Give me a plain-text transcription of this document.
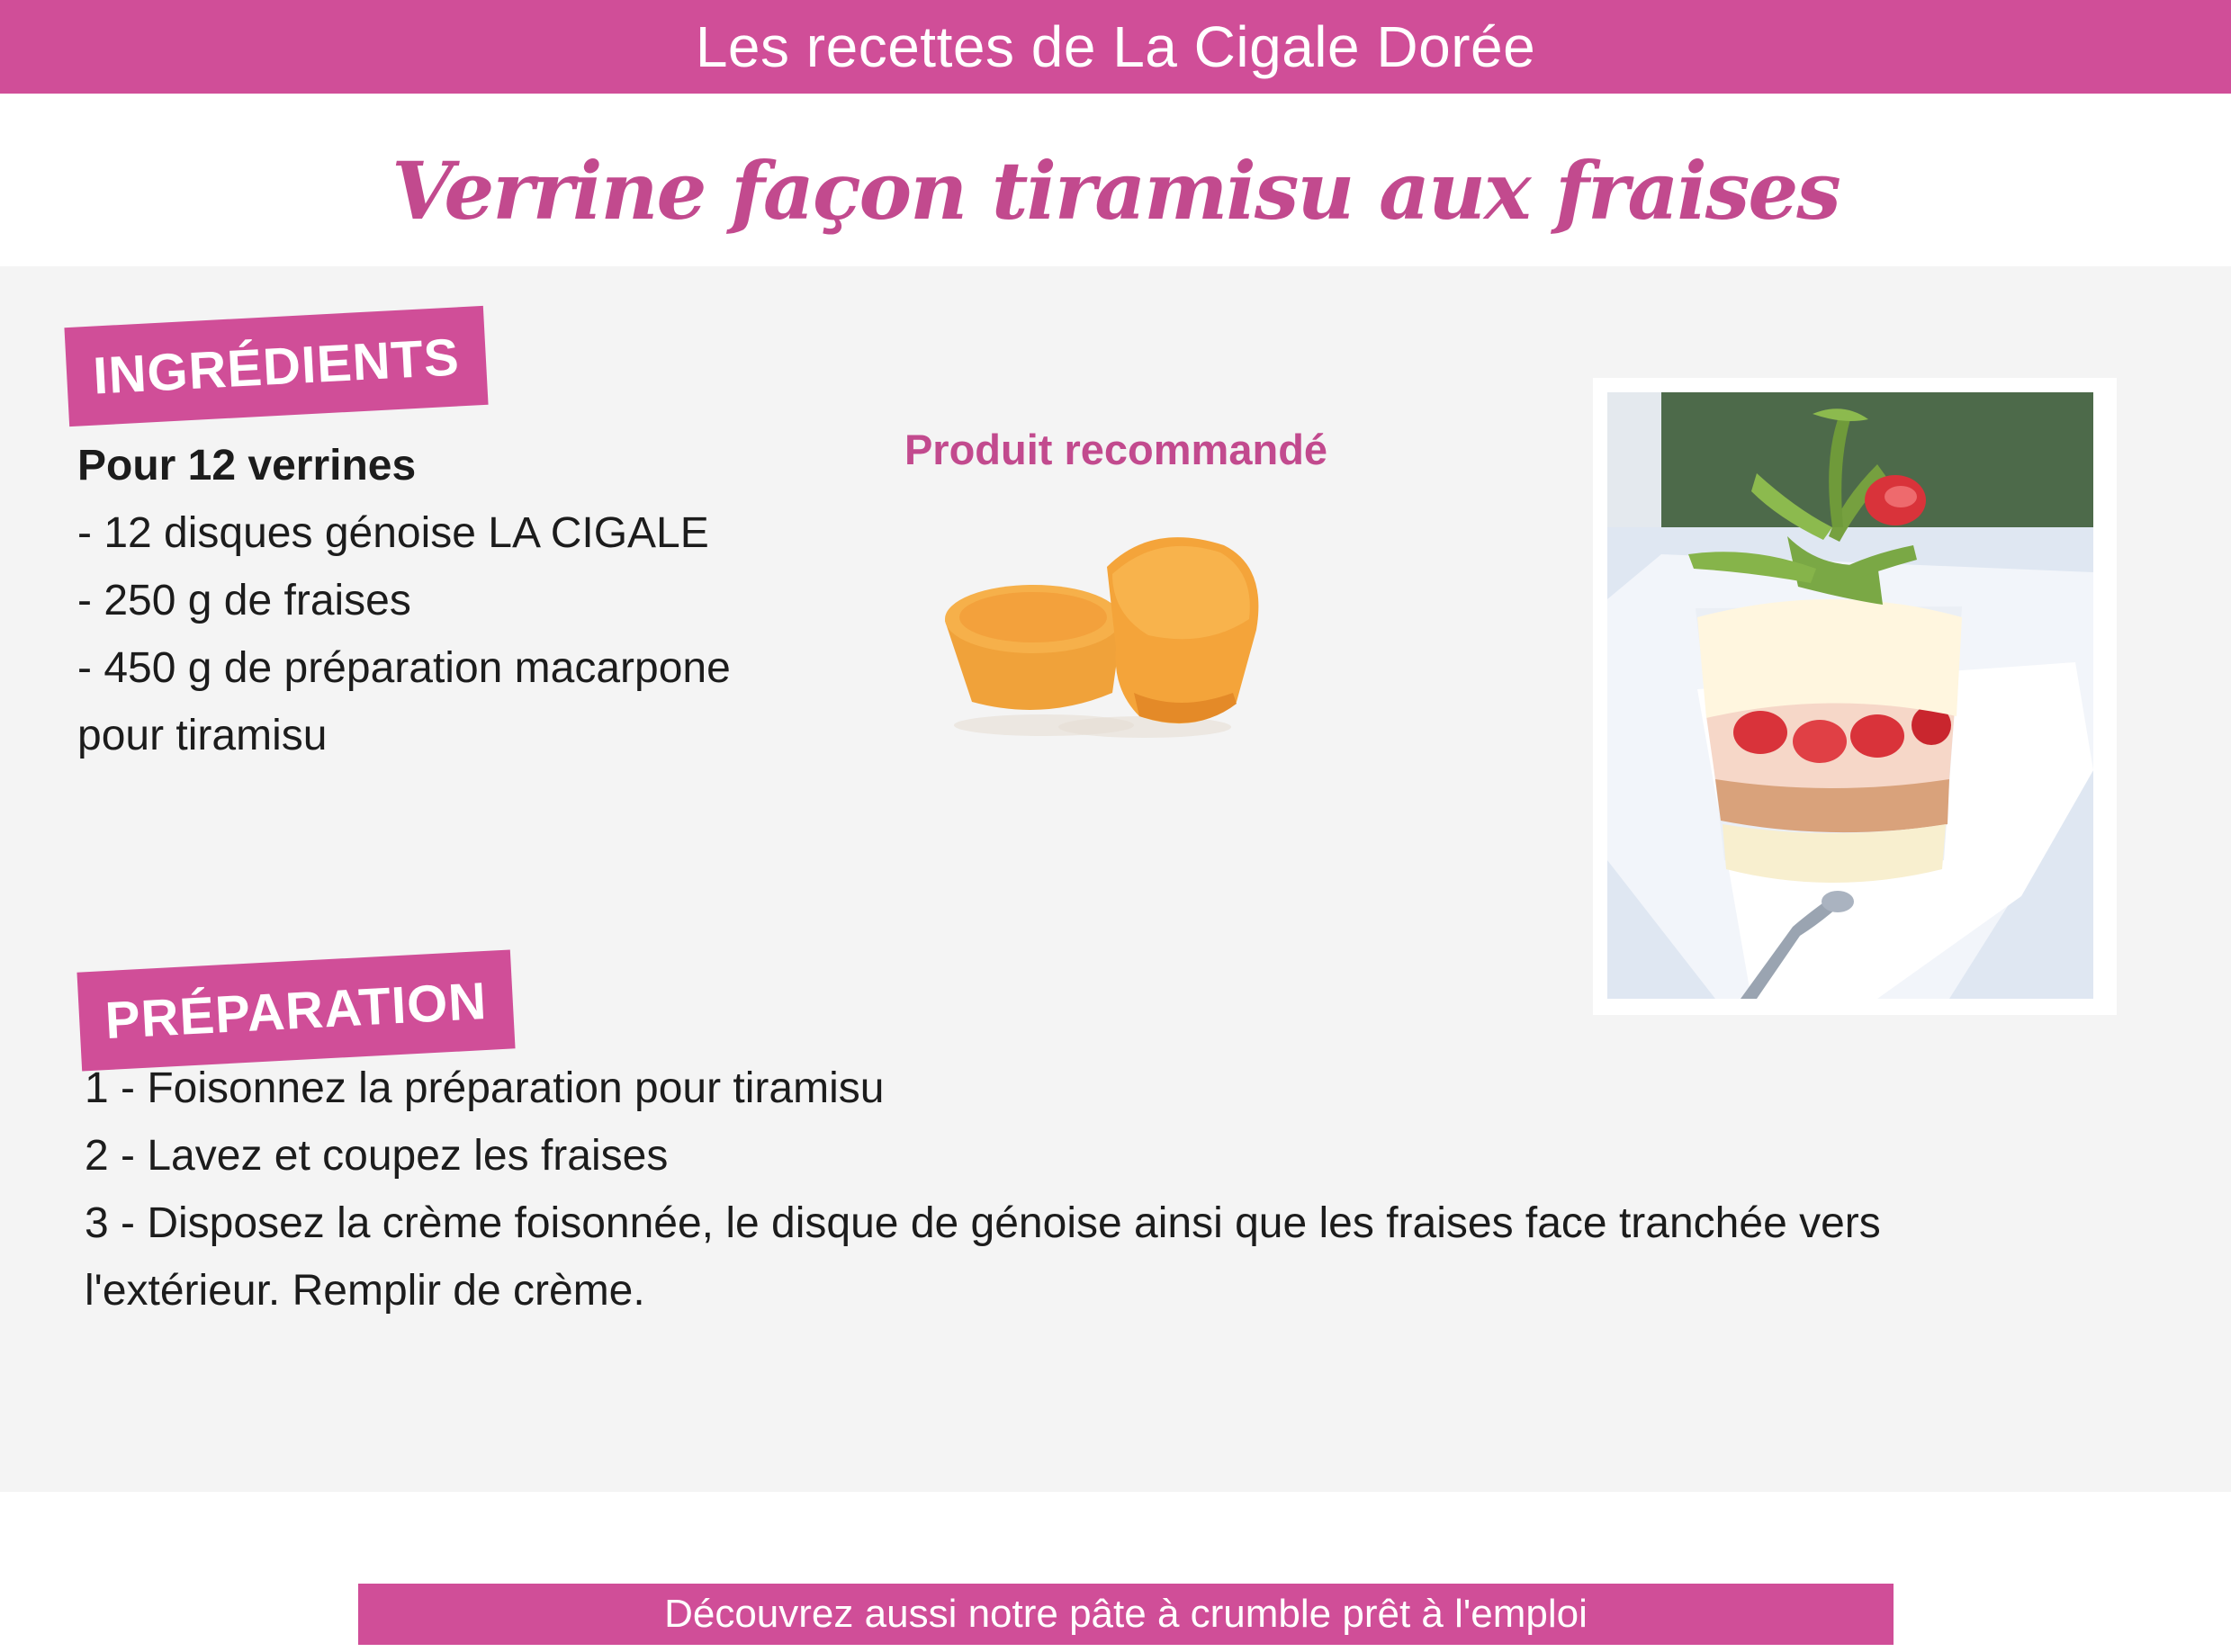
Les recettes de La Cigale Dorée
Verrine façon tiramisu aux fraises
INGRÉDIENTS
Pour 12 verrines
- 12 disques génoise LA CIGALE
- 250 g de fraises
- 450 g de préparation macarpone
pour tiramisu
Produit recommandé
PRÉPARATION
1 - Foisonnez la préparation pour tiramisu
2 - Lavez et coupez les fraises
3 - Disposez la crème foisonnée, le disque de génoise ainsi que les fraises face tranchée vers
l'extérieur. Remplir de crème.
Découvrez aussi notre pâte à crumble prêt à l'emploi
